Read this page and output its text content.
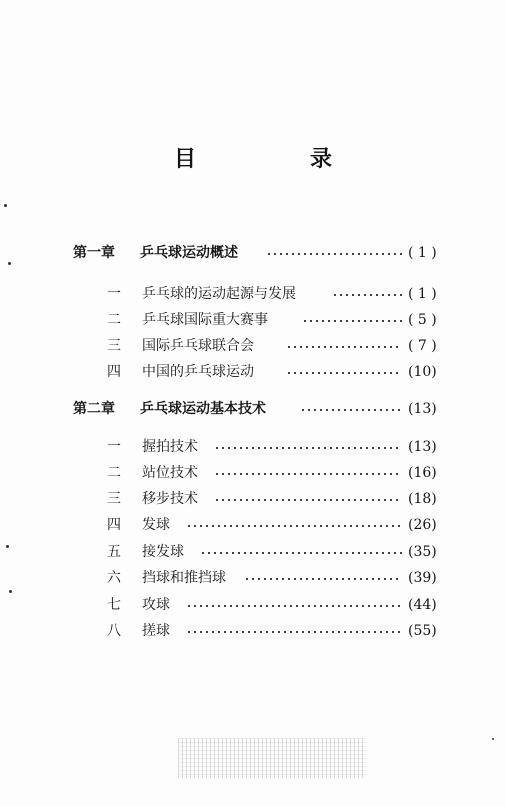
目　录
第一章 乒乓球运动概述	( 1 )
一 乒乓球的运动起源与发展	( 1 )
二 乒乓球国际重大赛事	( 5 )
三 国际乒乓球联合会	( 7 )
四 中国的乒乓球运动	(10)
第二章 乒乓球运动基本技术	(13)
一 握拍技术	(13)
二 站位技术	(16)
三 移步技术	(18)
四 发球	(26)
五 接发球	(35)
六 挡球和推挡球	(39)
七 攻球	(44)
八 搓球	(55)
